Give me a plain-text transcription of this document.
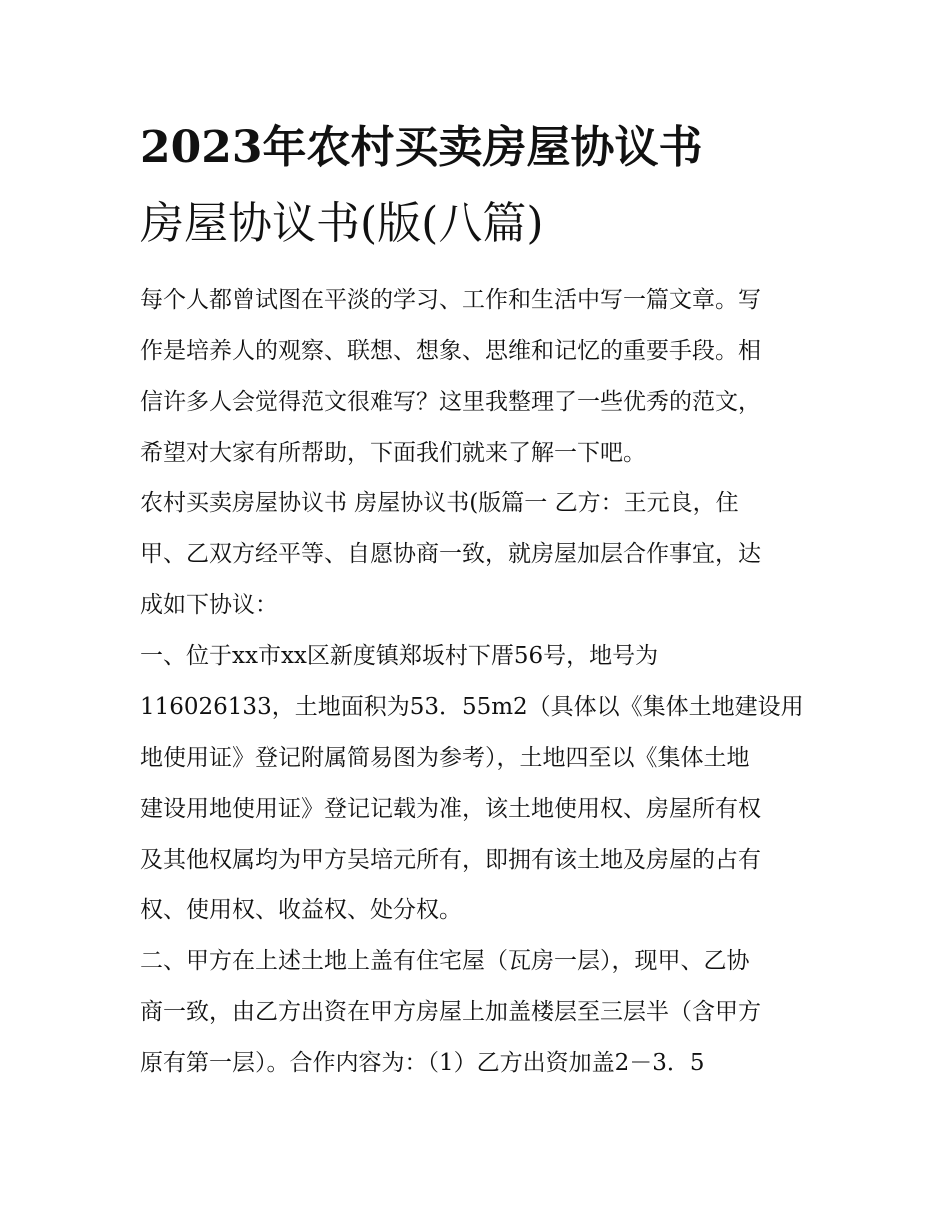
2023年农村买卖房屋协议书
房屋协议书(版(八篇)

每个人都曾试图在平淡的学习、工作和生活中写一篇文章。写

作是培养人的观察、联想、想象、思维和记忆的重要手段。相

信许多人会觉得范文很难写？这里我整理了一些优秀的范文，

希望对大家有所帮助，下面我们就来了解一下吧。

农村买卖房屋协议书 房屋协议书(版篇一 乙方：王元良，住

甲、乙双方经平等、自愿协商一致，就房屋加层合作事宜，达

成如下协议：

一、位于xx市xx区新度镇郑坂村下厝56号，地号为

116026133，土地面积为53．55m2（具体以《集体土地建设用

地使用证》登记附属简易图为参考），土地四至以《集体土地

建设用地使用证》登记记载为准，该土地使用权、房屋所有权

及其他权属均为甲方吴培元所有，即拥有该土地及房屋的占有

权、使用权、收益权、处分权。

二、甲方在上述土地上盖有住宅屋（瓦房一层），现甲、乙协

商一致，由乙方出资在甲方房屋上加盖楼层至三层半（含甲方

原有第一层）。合作内容为：（1）乙方出资加盖2－3．5
